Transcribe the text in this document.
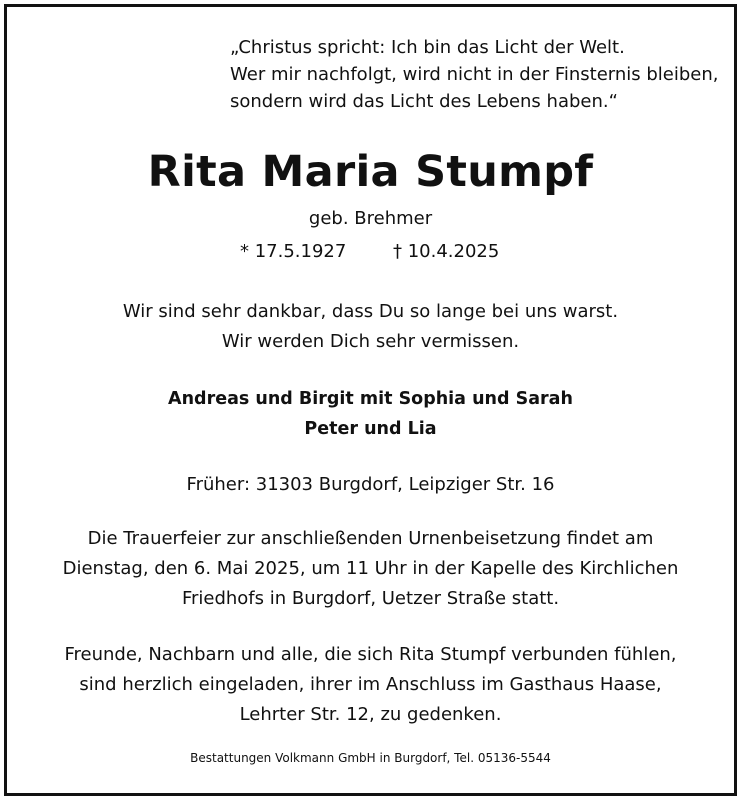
„Christus spricht: Ich bin das Licht der Welt.
Wer mir nachfolgt, wird nicht in der Finsternis bleiben,
sondern wird das Licht des Lebens haben.“
Rita Maria Stumpf
geb. Brehmer
* 17.5.1927	† 10.4.2025
Wir sind sehr dankbar, dass Du so lange bei uns warst.
Wir werden Dich sehr vermissen.
Andreas und Birgit mit Sophia und Sarah
Peter und Lia
Früher: 31303 Burgdorf, Leipziger Str. 16
Die Trauerfeier zur anschließenden Urnenbeisetzung findet am
Dienstag, den 6. Mai 2025, um 11 Uhr in der Kapelle des Kirchlichen
Friedhofs in Burgdorf, Uetzer Straße statt.
Freunde, Nachbarn und alle, die sich Rita Stumpf verbunden fühlen,
sind herzlich eingeladen, ihrer im Anschluss im Gasthaus Haase,
Lehrter Str. 12, zu gedenken.
Bestattungen Volkmann GmbH in Burgdorf, Tel. 05136-5544
